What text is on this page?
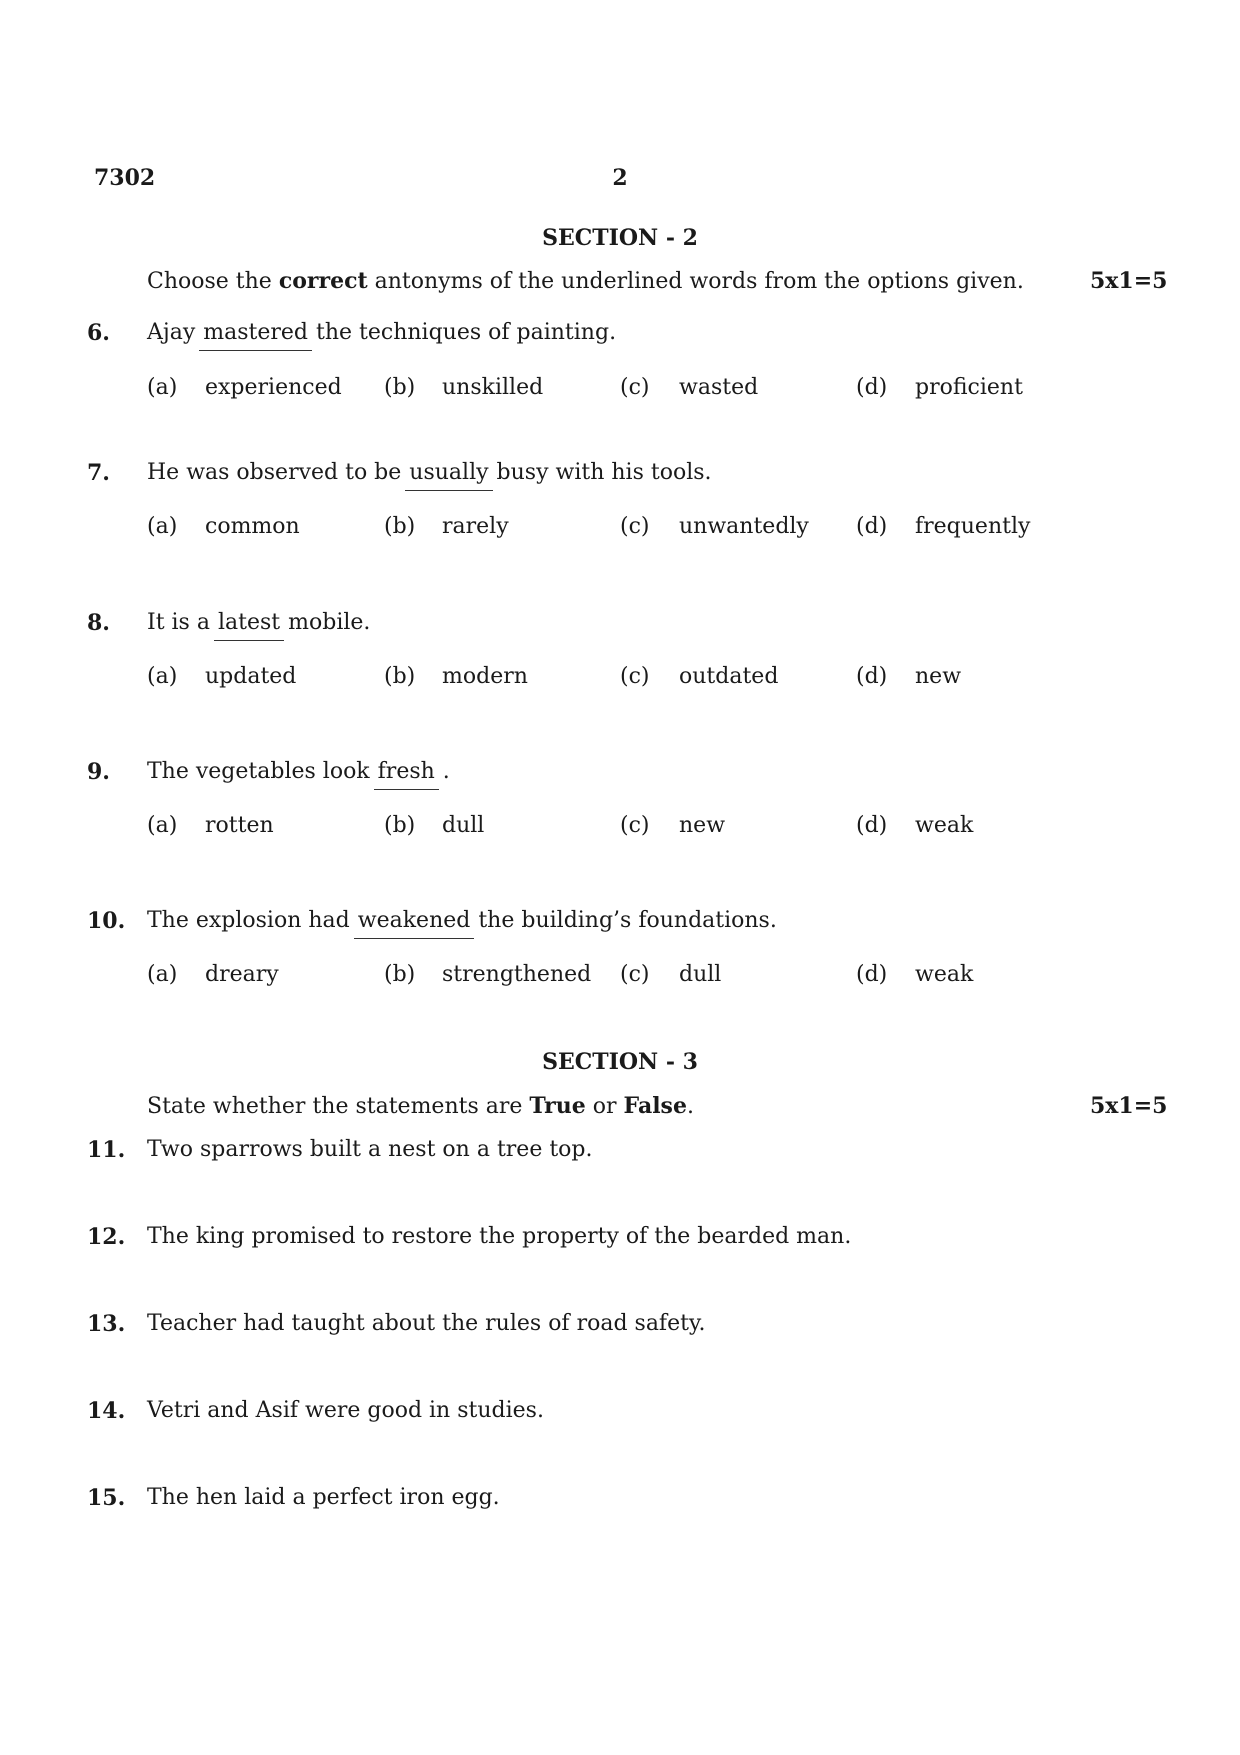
7302	2
SECTION - 2
Choose the correct antonyms of the underlined words from the options given.	5x1=5
6. Ajay mastered the techniques of painting.
(a) experienced (b) unskilled	(c) wasted	(d) proficient
7. He was observed to be usually busy with his tools.
(a) common	(b) rarely	(c) unwantedly (d) frequently
8. It is a latest mobile.
(a) updated	(b) modern	(c) outdated	(d) new
9. The vegetables look fresh .
(a) rotten	(b) dull	(c) new	(d) weak
10. The explosion had weakened the building’s foundations.
(a) dreary	(b) strengthened (c) dull	(d) weak
SECTION - 3
State whether the statements are True or False.	5x1=5
11. Two sparrows built a nest on a tree top.
12. The king promised to restore the property of the bearded man.
13. Teacher had taught about the rules of road safety.
14. Vetri and Asif were good in studies.
15. The hen laid a perfect iron egg.
